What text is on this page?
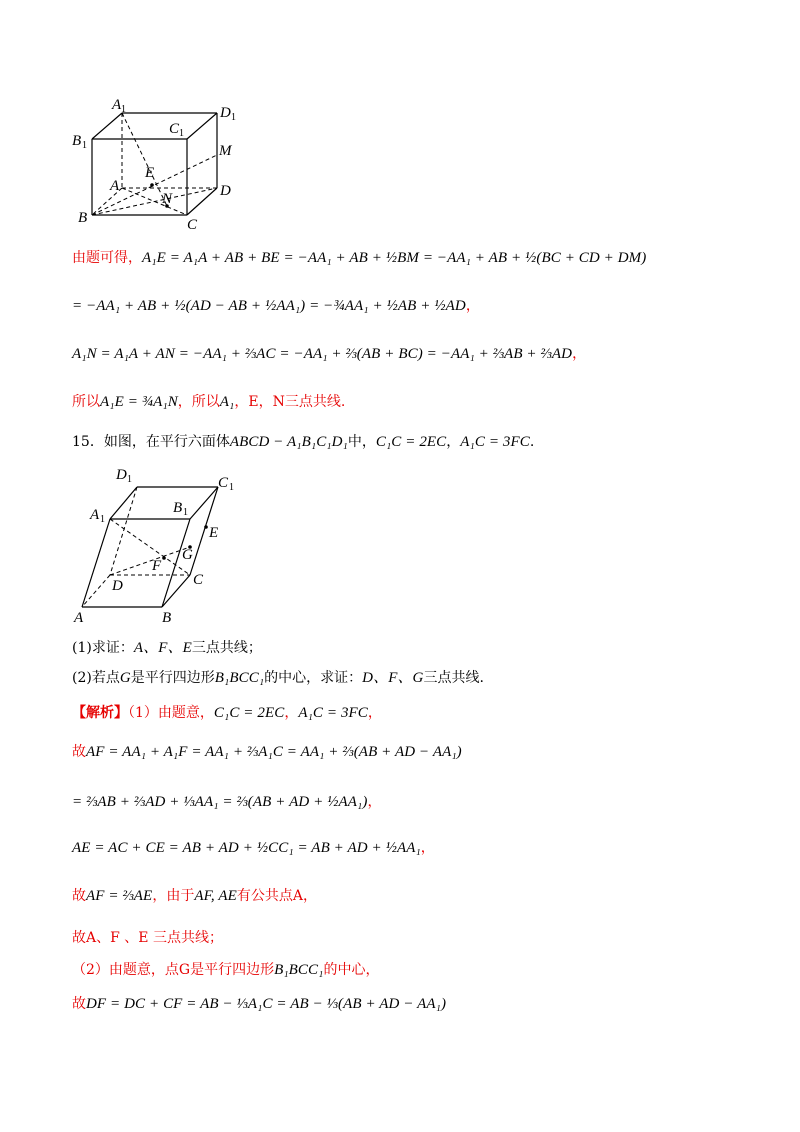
A 1	D 1
B 1
C 1
M
E
A	D
N
B	C
由题可得，A₁E = A₁A + AB + BE = −AA₁ + AB + ½BM = −AA₁ + AB + ½(BC + CD + DM)
= −AA₁ + AB + ½(AD − AB + ½AA₁) = −¾AA₁ + ½AB + ½AD，
A₁N = A₁A + AN = −AA₁ + ⅔AC = −AA₁ + ⅔(AB + BC) = −AA₁ + ⅔AB + ⅔AD，
所以A₁E = ¾A₁N，所以A₁，E，N三点共线.
15．如图，在平行六面体ABCD − A₁B₁C₁D₁中，C₁C = 2EC，A₁C = 3FC.
D 1	C 1
A 1
B 1
E
G
F
D	C
A	B
(1)求证：A、F、E三点共线；
(2)若点G是平行四边形B₁BCC₁的中心，求证：D、F、G三点共线.
【解析】（1）由题意，C₁C = 2EC，A₁C = 3FC，
故AF = AA₁ + A₁F = AA₁ + ⅔A₁C = AA₁ + ⅔(AB + AD − AA₁)
= ⅔AB + ⅔AD + ⅓AA₁ = ⅔(AB + AD + ½AA₁)，
AE = AC + CE = AB + AD + ½CC₁ = AB + AD + ½AA₁，
故AF = ⅔AE，由于AF, AE有公共点A，
故A、F 、E 三点共线；
（2）由题意，点G是平行四边形B₁BCC₁的中心，
故DF = DC + CF = AB − ⅓A₁C = AB − ⅓(AB + AD − AA₁)
